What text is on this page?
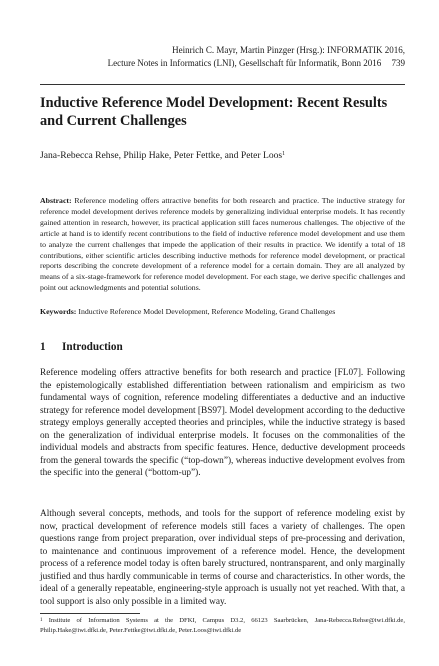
Heinrich C. Mayr, Martin Pinzger (Hrsg.): INFORMATIK 2016,
Lecture Notes in Informatics (LNI), Gesellschaft für Informatik, Bonn 2016 739
Inductive Reference Model Development: Recent Results and Current Challenges
Jana-Rebecca Rehse, Philip Hake, Peter Fettke, and Peter Loos$^1$

Abstract: Reference modeling offers attractive benefits for both research and practice. The inductive strategy for reference model development derives reference models by generalizing individual enterprise models. It has recently gained attention in research, however, its practical application still faces numerous challenges. The objective of the article at hand is to identify recent contributions to the field of inductive reference model development and use them to analyze the current challenges that impede the application of their results in practice. We identify a total of 18 contributions, either scientific articles describing inductive methods for reference model development, or practical reports describing the concrete development of a reference model for a certain domain. They are all analyzed by means of a six-stage-framework for reference model development. For each stage, we derive specific challenges and point out acknowledgments and potential solutions.

Keywords: Inductive Reference Model Development, Reference Modeling, Grand Challenges

1 Introduction

Reference modeling offers attractive benefits for both research and practice [FL07]. Following the epistemologically established differentiation between rationalism and empiricism as two fundamental ways of cognition, reference modeling differentiates a deductive and an inductive strategy for reference model development [BS97]. Model development according to the deductive strategy employs generally accepted theories and principles, while the inductive strategy is based on the generalization of individual enterprise models. It focuses on the commonalities of the individual models and abstracts from specific features. Hence, deductive development proceeds from the general towards the specific (“top-down”), whereas inductive development evolves from the specific into the general (“bottom-up”).

Although several concepts, methods, and tools for the support of reference modeling exist by now, practical development of reference models still faces a variety of challenges. The open questions range from project preparation, over individual steps of pre-processing and derivation, to maintenance and continuous improvement of a reference model. Hence, the development process of a reference model today is often barely structured, nontransparent, and only marginally justified and thus hardly communicable in terms of course and characteristics. In other words, the ideal of a generally repeatable, engineering-style approach is usually not yet reached. With that, a tool support is also only possible in a limited way.

$^1$ Institute of Information Systems at the DFKI, Campus D3.2, 66123 Saarbrücken, Jana-Rebecca.Rehse@iwi.dfki.de, Philip.Hake@iwi.dfki.de, Peter.Fettke@iwi.dfki.de, Peter.Loos@iwi.dfki.de
